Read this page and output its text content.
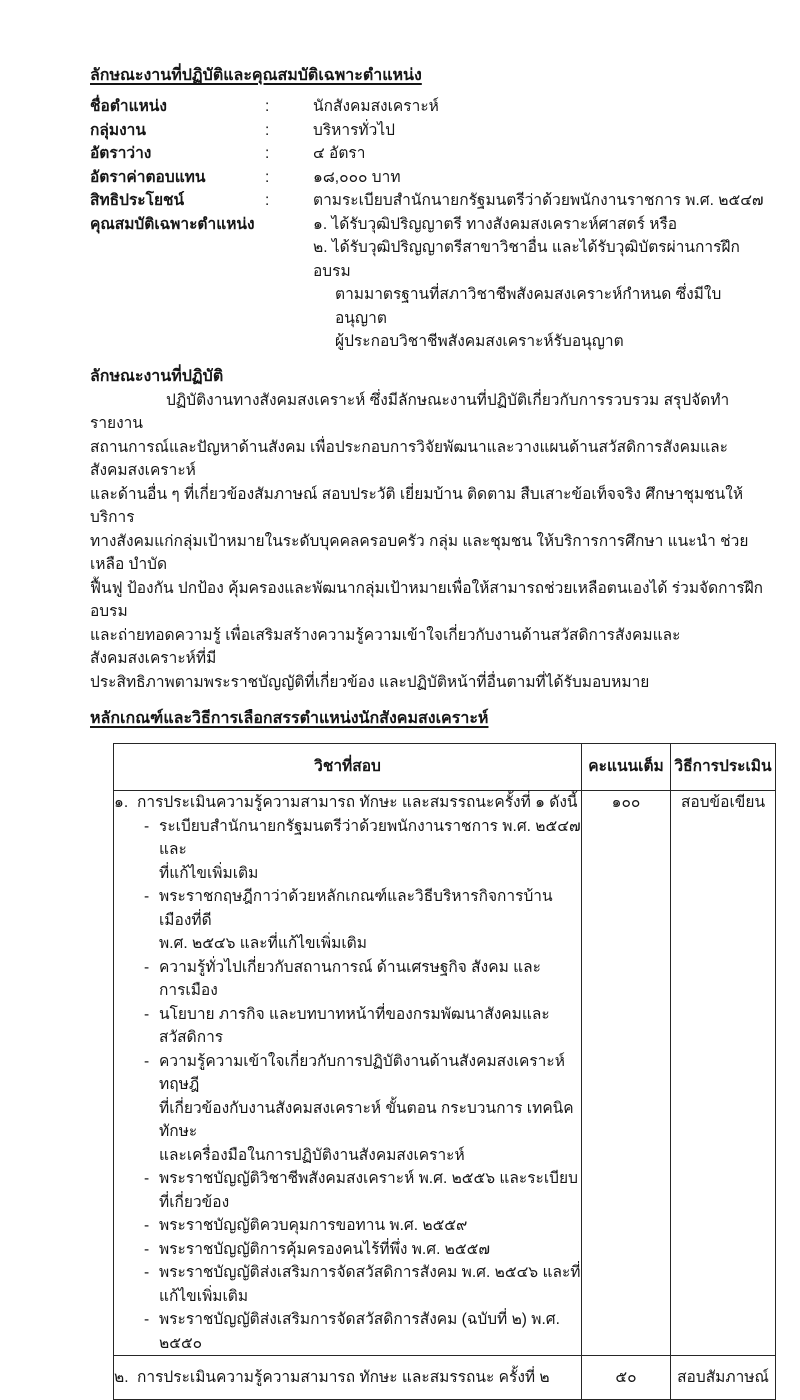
ลักษณะงานที่ปฏิบัติและคุณสมบัติเฉพาะตำแหน่ง
ชื่อตำแหน่ง	:	นักสังคมสงเคราะห์
กลุ่มงาน	:	บริหารทั่วไป
อัตราว่าง	:	๔ อัตรา
อัตราค่าตอบแทน	:	๑๘,๐๐๐ บาท
สิทธิประโยชน์	:	ตามระเบียบสำนักนายกรัฐมนตรีว่าด้วยพนักงานราชการ พ.ศ. ๒๕๔๗
คุณสมบัติเฉพาะตำแหน่ง	๑. ได้รับวุฒิปริญญาตรี ทางสังคมสงเคราะห์ศาสตร์ หรือ
๒. ได้รับวุฒิปริญญาตรีสาขาวิชาอื่น และได้รับวุฒิบัตรผ่านการฝึกอบรม
ตามมาตรฐานที่สภาวิชาชีพสังคมสงเคราะห์กำหนด ซึ่งมีใบอนุญาต
ผู้ประกอบวิชาชีพสังคมสงเคราะห์รับอนุญาต
ลักษณะงานที่ปฏิบัติ
ปฏิบัติงานทางสังคมสงเคราะห์ ซึ่งมีลักษณะงานที่ปฏิบัติเกี่ยวกับการรวบรวม สรุปจัดทำรายงาน
สถานการณ์และปัญหาด้านสังคม เพื่อประกอบการวิจัยพัฒนาและวางแผนด้านสวัสดิการสังคมและสังคมสงเคราะห์
และด้านอื่น ๆ ที่เกี่ยวข้องสัมภาษณ์ สอบประวัติ เยี่ยมบ้าน ติดตาม สืบเสาะข้อเท็จจริง ศึกษาชุมชนให้บริการ
ทางสังคมแก่กลุ่มเป้าหมายในระดับบุคคลครอบครัว กลุ่ม และชุมชน ให้บริการการศึกษา แนะนำ ช่วยเหลือ บำบัด
ฟื้นฟู ป้องกัน ปกป้อง คุ้มครองและพัฒนากลุ่มเป้าหมายเพื่อให้สามารถช่วยเหลือตนเองได้ ร่วมจัดการฝึกอบรม
และถ่ายทอดความรู้ เพื่อเสริมสร้างความรู้ความเข้าใจเกี่ยวกับงานด้านสวัสดิการสังคมและสังคมสงเคราะห์ที่มี
ประสิทธิภาพตามพระราชบัญญัติที่เกี่ยวข้อง และปฏิบัติหน้าที่อื่นตามที่ได้รับมอบหมาย
หลักเกณฑ์และวิธีการเลือกสรรตำแหน่งนักสังคมสงเคราะห์
วิชาที่สอบ	คะแนนเต็ม	วิธีการประเมิน

๑. การประเมินความรู้ความสามารถ ทักษะ และสมรรถนะครั้งที่ ๑ ดังนี้
- ระเบียบสำนักนายกรัฐมนตรีว่าด้วยพนักงานราชการ พ.ศ. ๒๕๔๗ และ
ที่แก้ไขเพิ่มเติม
- พระราชกฤษฎีกาว่าด้วยหลักเกณฑ์และวิธีบริหารกิจการบ้านเมืองที่ดี
พ.ศ. ๒๕๔๖ และที่แก้ไขเพิ่มเติม
- ความรู้ทั่วไปเกี่ยวกับสถานการณ์ ด้านเศรษฐกิจ สังคม และการเมือง
- นโยบาย ภารกิจ และบทบาทหน้าที่ของกรมพัฒนาสังคมและสวัสดิการ
- ความรู้ความเข้าใจเกี่ยวกับการปฏิบัติงานด้านสังคมสงเคราะห์ ทฤษฎี
ที่เกี่ยวข้องกับงานสังคมสงเคราะห์ ขั้นตอน กระบวนการ เทคนิค ทักษะ
และเครื่องมือในการปฏิบัติงานสังคมสงเคราะห์
- พระราชบัญญัติวิชาชีพสังคมสงเคราะห์ พ.ศ. ๒๕๕๖ และระเบียบที่เกี่ยวข้อง
- พระราชบัญญัติควบคุมการขอทาน พ.ศ. ๒๕๕๙
- พระราชบัญญัติการคุ้มครองคนไร้ที่พึ่ง พ.ศ. ๒๕๕๗
- พระราชบัญญัติส่งเสริมการจัดสวัสดิการสังคม พ.ศ. ๒๕๔๖ และที่แก้ไขเพิ่มเติม
- พระราชบัญญัติส่งเสริมการจัดสวัสดิการสังคม (ฉบับที่ ๒) พ.ศ. ๒๕๕๐
	๑๐๐	สอบข้อเขียน

๒. การประเมินความรู้ความสามารถ ทักษะ และสมรรถนะ ครั้งที่ ๒	๕๐	สอบสัมภาษณ์
